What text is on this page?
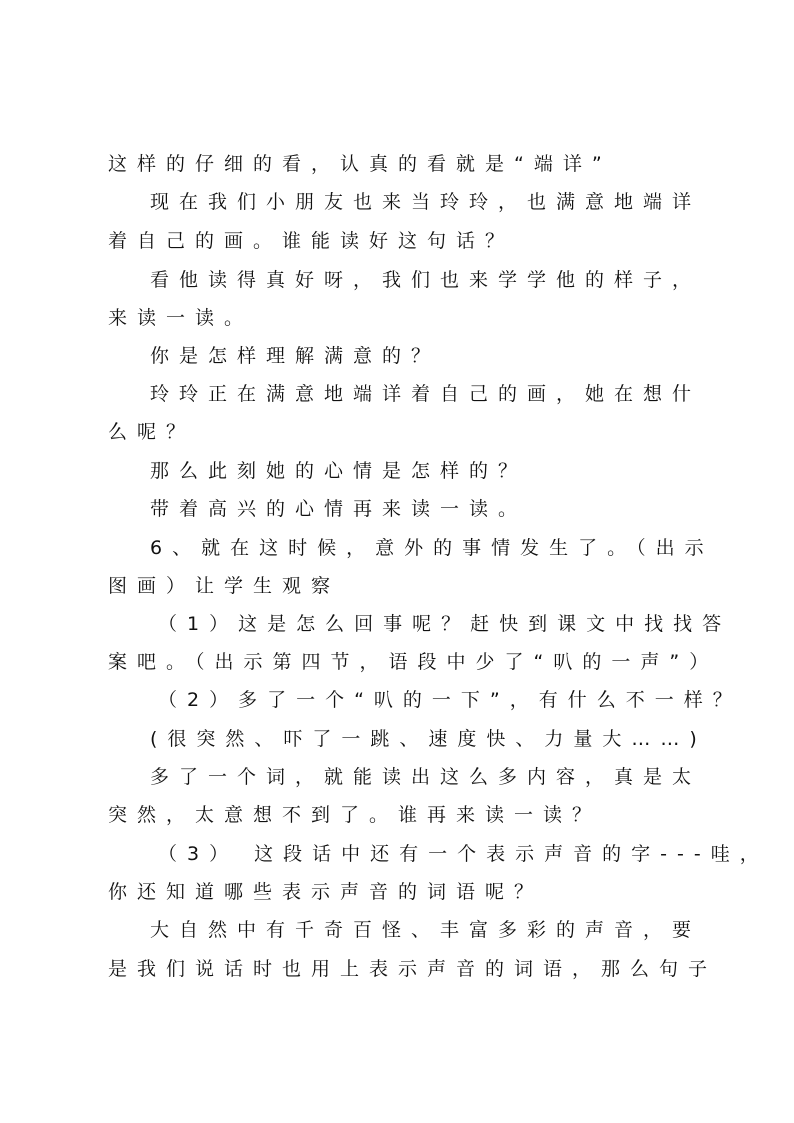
这样的仔细的看，认真的看就是“端详”
现在我们小朋友也来当玲玲，也满意地端详
着自己的画。谁能读好这句话？
看他读得真好呀，我们也来学学他的样子，
来读一读。
你是怎样理解满意的？
玲玲正在满意地端详着自己的画，她在想什
么呢？
那么此刻她的心情是怎样的？
带着高兴的心情再来读一读。
6、就在这时候，意外的事情发生了。（出示
图画）让学生观察
（1）这是怎么回事呢？赶快到课文中找找答
案吧。（出示第四节，语段中少了“叭的一声”）
（2）多了一个“叭的一下”，有什么不一样？
(很突然、吓了一跳、速度快、力量大……)
多了一个词，就能读出这么多内容，真是太
突然，太意想不到了。谁再来读一读？
（3） 这段话中还有一个表示声音的字---哇，
你还知道哪些表示声音的词语呢？
大自然中有千奇百怪、丰富多彩的声音，要
是我们说话时也用上表示声音的词语，那么句子
